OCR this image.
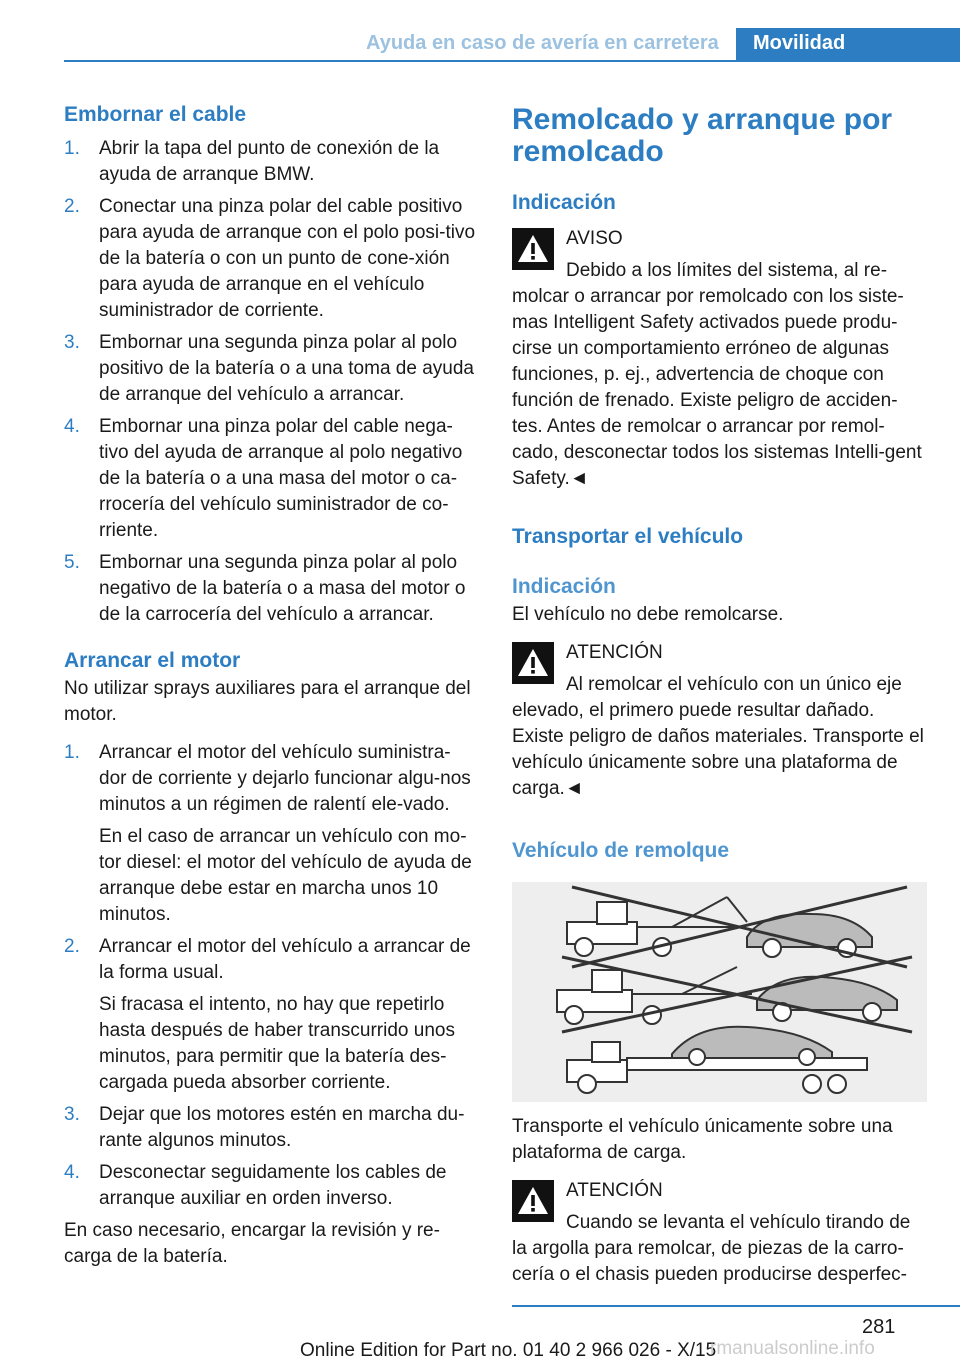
Ayuda en caso de avería en carretera	Movilidad
Embornar el cable
1. Abrir la tapa del punto de conexión de la ayuda de arranque BMW.
2. Conectar una pinza polar del cable positivo para ayuda de arranque con el polo posi-tivo de la batería o con un punto de cone-xión para ayuda de arranque en el vehículo suministrador de corriente.
3. Embornar una segunda pinza polar al polo positivo de la batería o a una toma de ayuda de arranque del vehículo a arrancar.
4. Embornar una pinza polar del cable nega-tivo del ayuda de arranque al polo negativo de la batería o a una masa del motor o ca-rrocería del vehículo suministrador de co-rriente.
5. Embornar una segunda pinza polar al polo negativo de la batería o a masa del motor o de la carrocería del vehículo a arrancar.
Arrancar el motor

No utilizar sprays auxiliares para el arranque del motor.

1. Arrancar el motor del vehículo suministra-dor de corriente y dejarlo funcionar algu-nos minutos a un régimen de ralentí ele-vado.
En el caso de arrancar un vehículo con mo-tor diesel: el motor del vehículo de ayuda de arranque debe estar en marcha unos 10 minutos.
2. Arrancar el motor del vehículo a arrancar de la forma usual.
Si fracasa el intento, no hay que repetirlo hasta después de haber transcurrido unos minutos, para permitir que la batería des-cargada pueda absorber corriente.
3. Dejar que los motores estén en marcha du-rante algunos minutos.
4. Desconectar seguidamente los cables de arranque auxiliar en orden inverso.

En caso necesario, encargar la revisión y re-carga de la batería.

Remolcado y arranque por remolcado
Indicación

AVISO

Debido a los límites del sistema, al re-molcar o arrancar por remolcado con los siste-mas Intelligent Safety activados puede produ-cirse un comportamiento erróneo de algunas funciones, p. ej., advertencia de choque con función de frenado. Existe peligro de acciden-tes. Antes de remolcar o arrancar por remol-cado, desconectar todos los sistemas Intelli-gent Safety.◄

Transportar el vehículo
Indicación

El vehículo no debe remolcarse.

ATENCIÓN

Al remolcar el vehículo con un único eje elevado, el primero puede resultar dañado. Existe peligro de daños materiales. Transporte el vehículo únicamente sobre una plataforma de carga.◄

Vehículo de remolque

Transporte el vehículo únicamente sobre una plataforma de carga.

ATENCIÓN

Cuando se levanta el vehículo tirando de la argolla para remolcar, de piezas de la carro-cería o el chasis pueden producirse desperfec-

281
Online Edition for Part no. 01 40 2 966 026 - X/15
rmanualsonline.info
